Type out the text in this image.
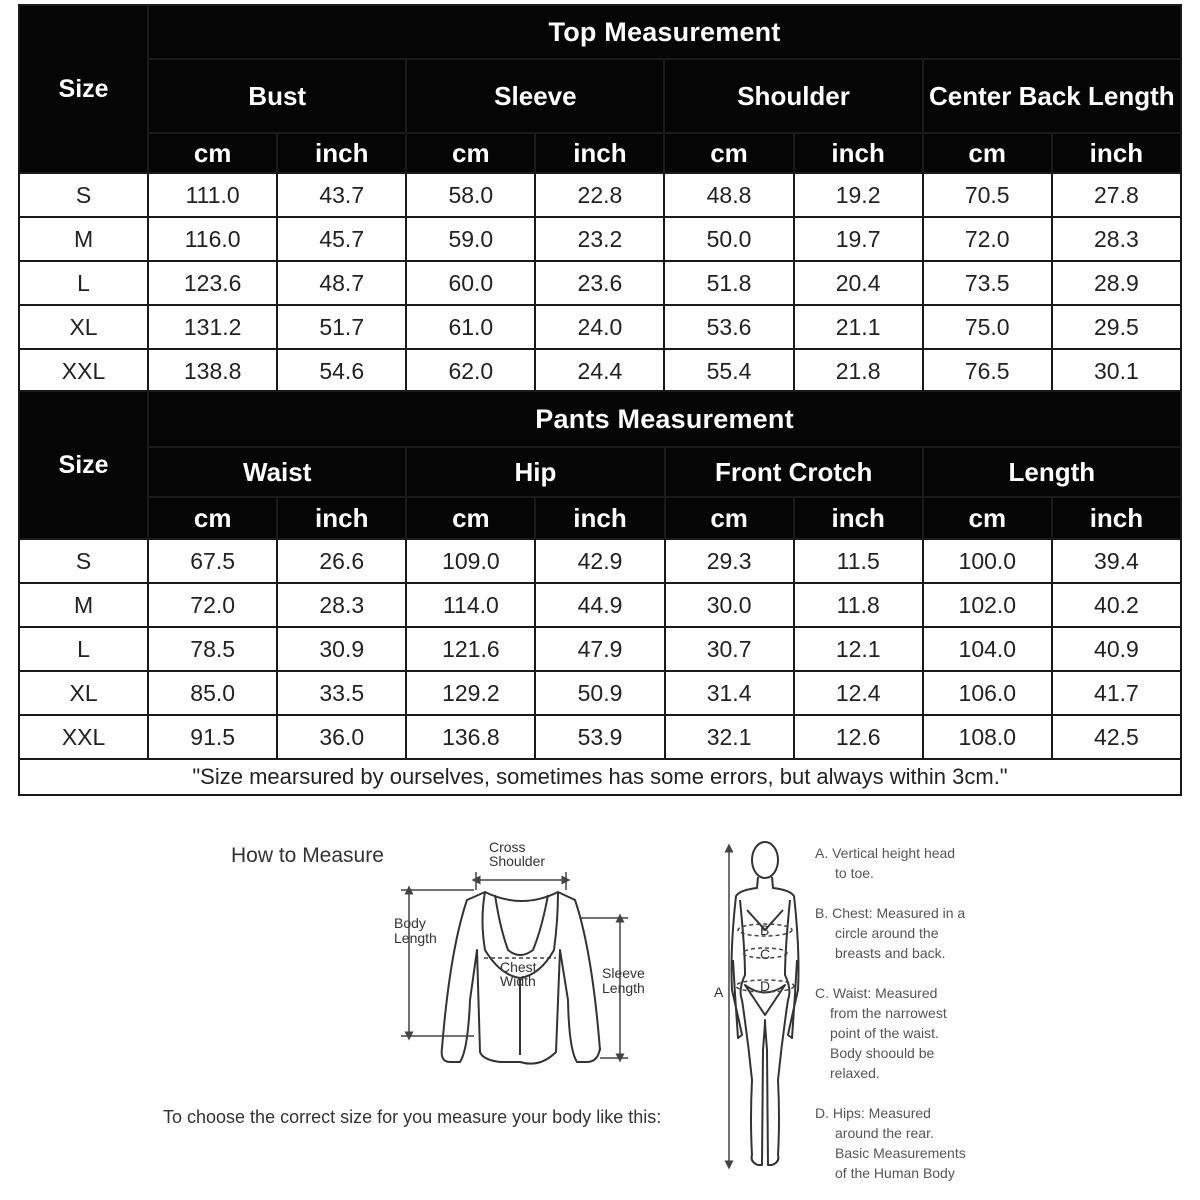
Size	Top Measurement							
	Bust		Sleeve		Shoulder		Center Back Length	
	cm	inch	cm	inch	cm	inch	cm	inch
S	111.0	43.7	58.0	22.8	48.8	19.2	70.5	27.8
M	116.0	45.7	59.0	23.2	50.0	19.7	72.0	28.3
L	123.6	48.7	60.0	23.6	51.8	20.4	73.5	28.9
XL	131.2	51.7	61.0	24.0	53.6	21.1	75.0	29.5
XXL	138.8	54.6	62.0	24.4	55.4	21.8	76.5	30.1
Size	Pants Measurement							
	Waist		Hip		Front Crotch		Length	
	cm	inch	cm	inch	cm	inch	cm	inch
S	67.5	26.6	109.0	42.9	29.3	11.5	100.0	39.4
M	72.0	28.3	114.0	44.9	30.0	11.8	102.0	40.2
L	78.5	30.9	121.6	47.9	30.7	12.1	104.0	40.9
XL	85.0	33.5	129.2	50.9	31.4	12.4	106.0	41.7
XXL	91.5	36.0	136.8	53.9	32.1	12.6	108.0	42.5
"Size mearsured by ourselves, sometimes has some errors, but always within 3cm."								
How to Measure
To choose the correct size for you measure your body like this:
Cross
Shoulder
Body
Length
Chest
Width	Sleeve
Length	A
B
C
D
A. Vertical height head
to toe.
B. Chest: Measured in a
circle around the
breasts and back.
C. Waist: Measured
from the narrowest
point of the waist.
Body shoould be
relaxed.
D. Hips: Measured
around the rear.
Basic Measurements
of the Human Body
